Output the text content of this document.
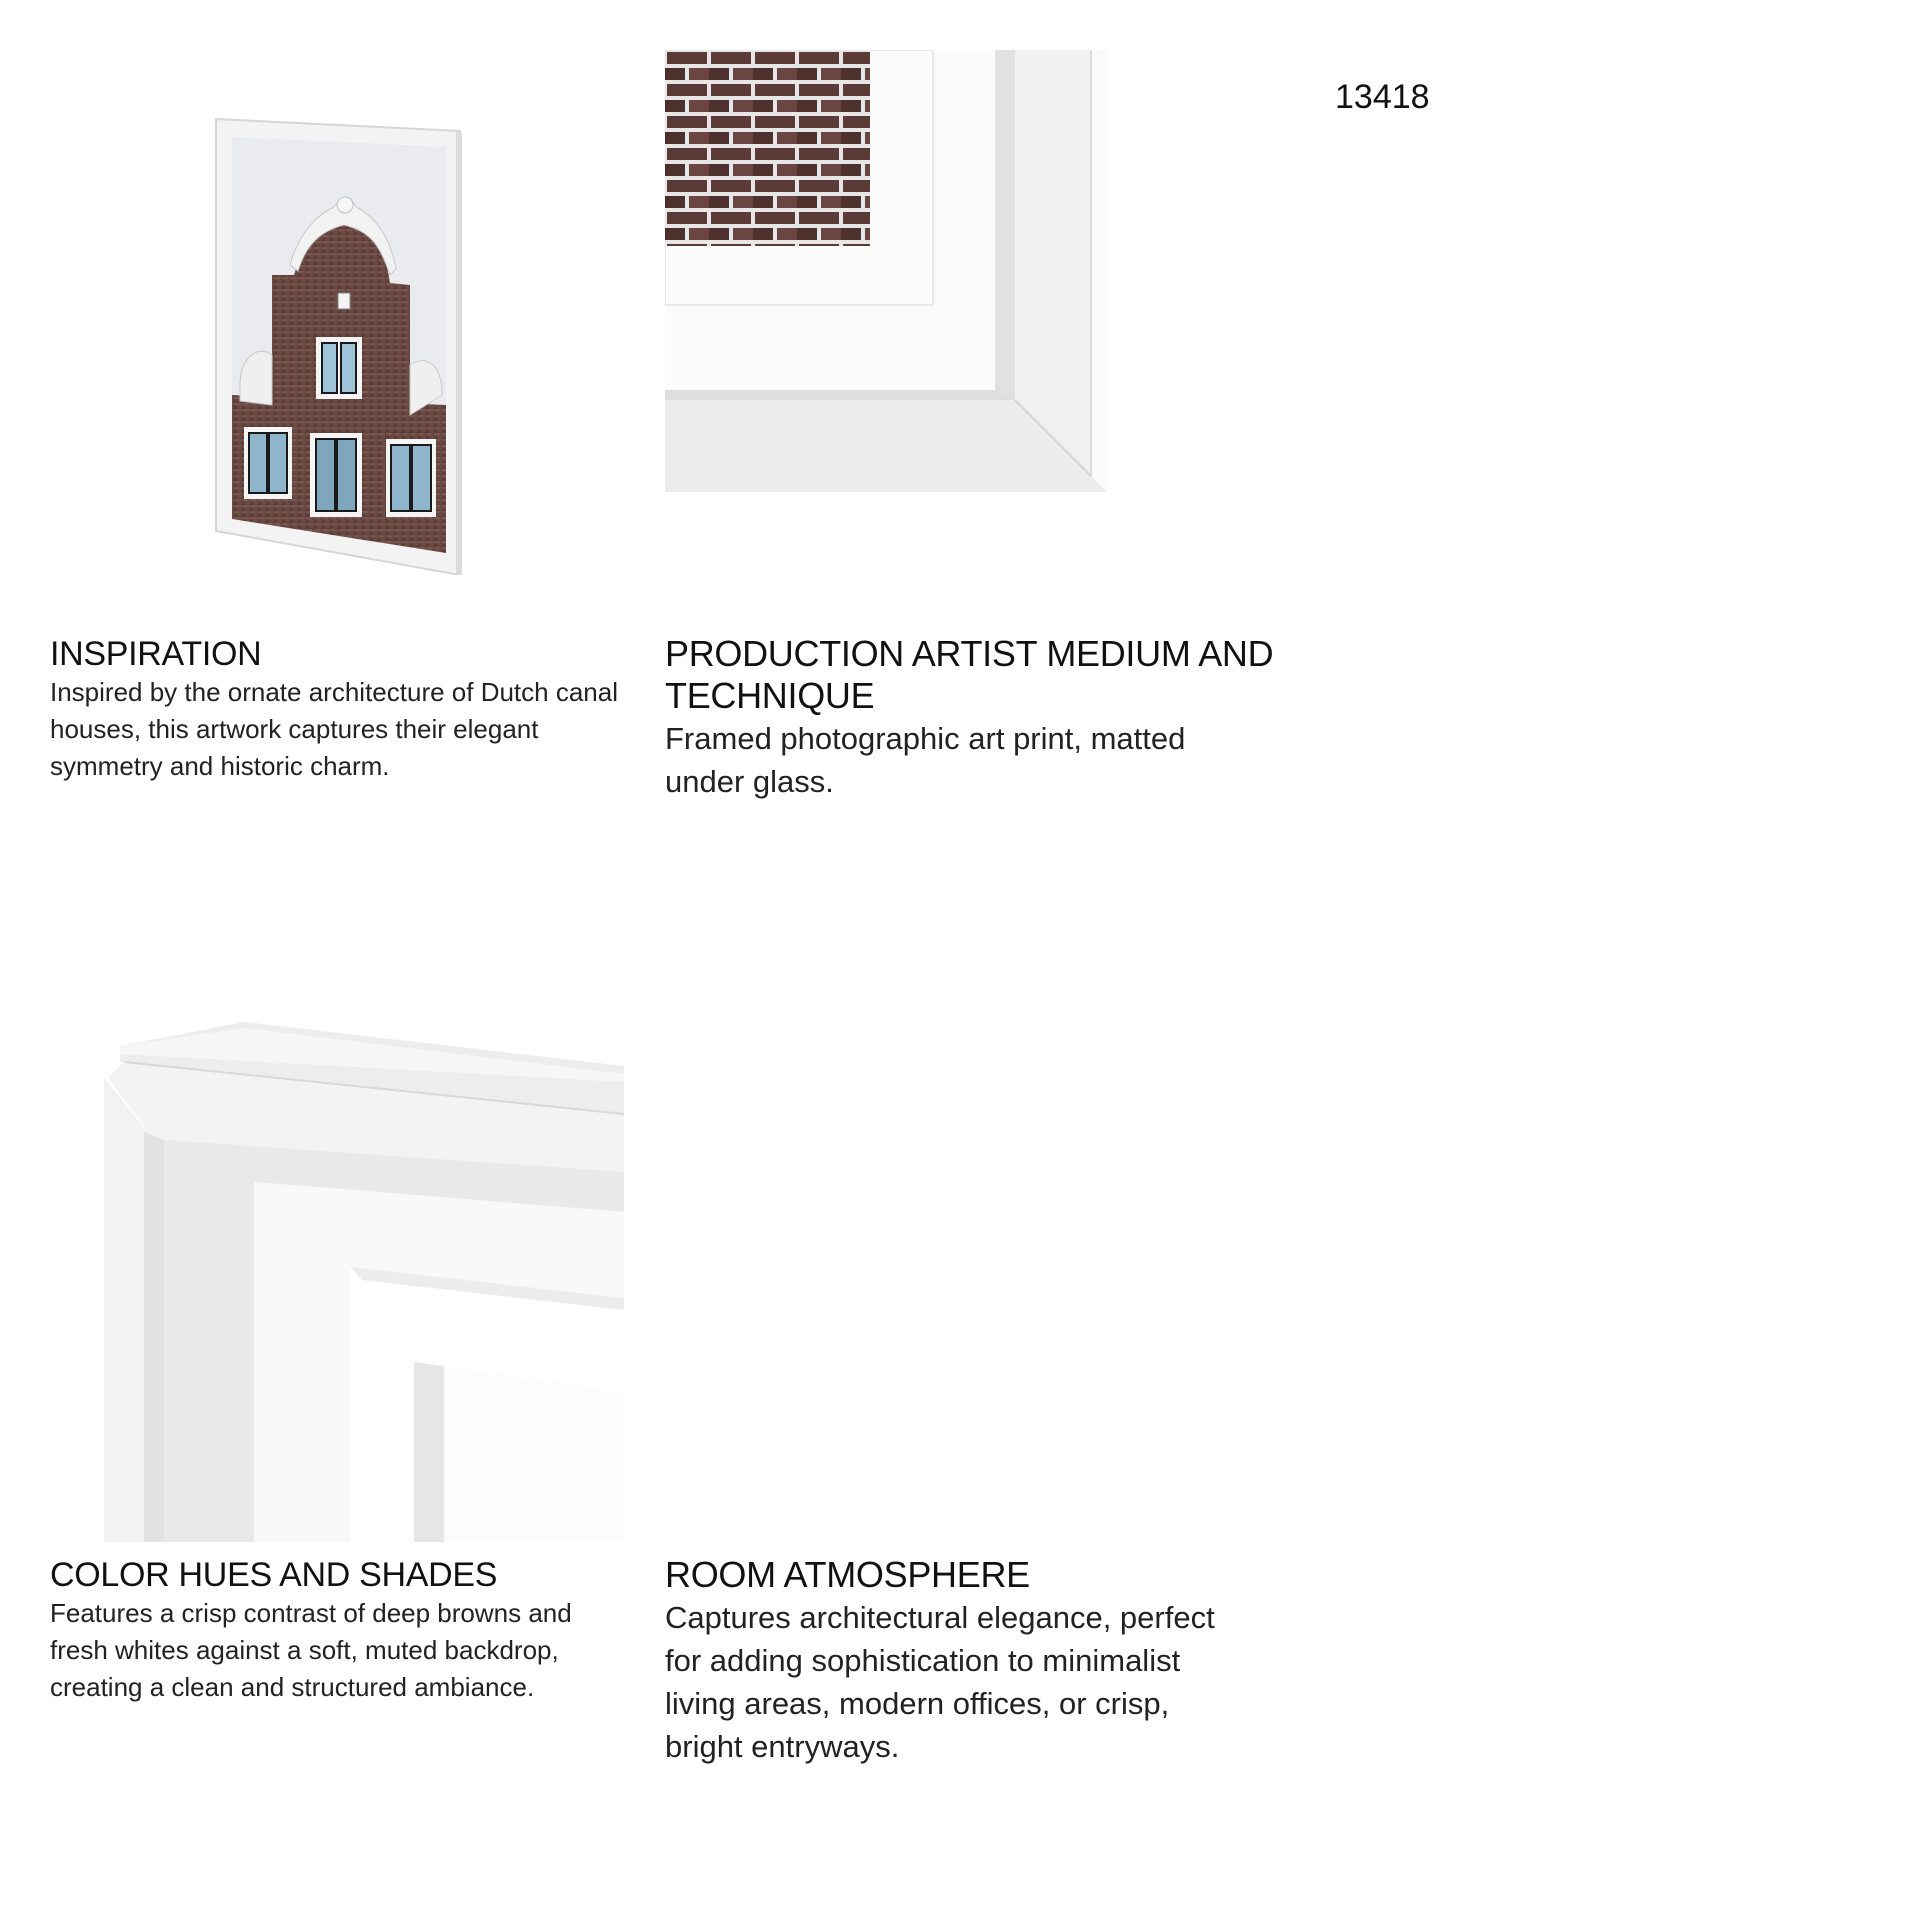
13418
INSPIRATION

Inspired by the ornate architecture of Dutch canal houses, this artwork captures their elegant symmetry and historic charm.

PRODUCTION ARTIST MEDIUM AND TECHNIQUE

Framed photographic art print, matted under glass.

COLOR HUES AND SHADES

Features a crisp contrast of deep browns and fresh whites against a soft, muted backdrop, creating a clean and structured ambiance.

ROOM ATMOSPHERE

Captures architectural elegance, perfect for adding sophistication to minimalist living areas, modern offices, or crisp, bright entryways.
